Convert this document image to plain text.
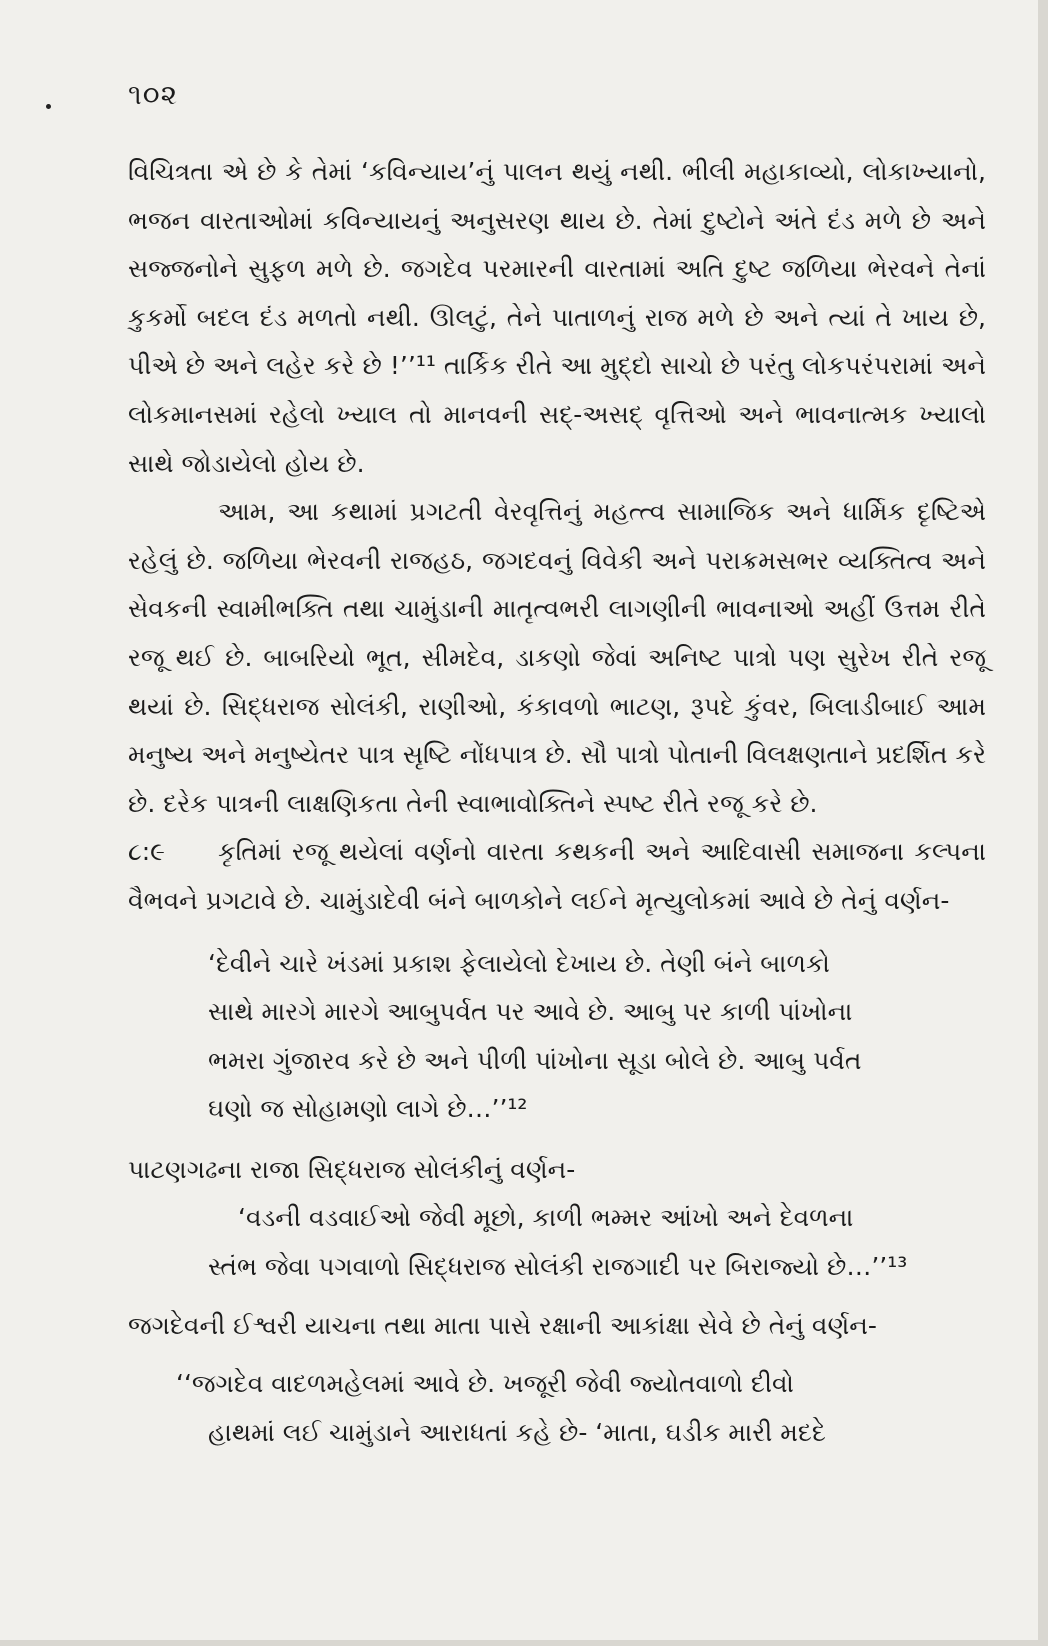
૧૦૨

વિચિત્રતા એ છે કે તેમાં ‘કવિન્યાય’નું પાલન થયું નથી. ભીલી મહાકાવ્યો, લોકાખ્યાનો, ભજન વારતાઓમાં કવિન્યાયનું અનુસરણ થાય છે. તેમાં દુષ્ટોને અંતે દંડ મળે છે અને સજ્જનોને સુફળ મળે છે. જગદેવ પરમારની વારતામાં અતિ દુષ્ટ જળિયા ભેરવને તેનાં કુકર્મો બદલ દંડ મળતો નથી. ઊલટું, તેને પાતાળનું રાજ મળે છે અને ત્યાં તે ખાય છે, પીએ છે અને લહેર કરે છે !’’¹¹ તાર્કિક રીતે આ મુદ્દો સાચો છે પરંતુ લોકપરંપરામાં અને લોકમાનસમાં રહેલો ખ્યાલ તો માનવની સદ્-અસદ્ વૃત્તિઓ અને ભાવનાત્મક ખ્યાલો સાથે જોડાયેલો હોય છે.

આમ, આ કથામાં પ્રગટતી વેરવૃત્તિનું મહત્ત્વ સામાજિક અને ધાર્મિક દૃષ્ટિએ રહેલું છે. જળિયા ભેરવની રાજહઠ, જગદવનું વિવેકી અને પરાક્રમસભર વ્યક્તિત્વ અને સેવકની સ્વામીભક્તિ તથા ચામુંડાની માતૃત્વભરી લાગણીની ભાવનાઓ અહીં ઉત્તમ રીતે રજૂ થઈ છે. બાબરિયો ભૂત, સીમદેવ, ડાકણો જેવાં અનિષ્ટ પાત્રો પણ સુરેખ રીતે રજૂ થયાં છે. સિદ્ધરાજ સોલંકી, રાણીઓ, કંકાવળો ભાટણ, રૂપદે કુંવર, બિલાડીબાઈ આમ મનુષ્ય અને મનુષ્યેતર પાત્ર સૃષ્ટિ નોંધપાત્ર છે. સૌ પાત્રો પોતાની વિલક્ષણતાને પ્રદર્શિત કરે છે. દરેક પાત્રની લાક્ષણિકતા તેની સ્વાભાવોક્તિને સ્પષ્ટ રીતે રજૂ કરે છે.

૮:૯	કૃતિમાં રજૂ થયેલાં વર્ણનો વારતા કથકની અને આદિવાસી સમાજના કલ્પના વૈભવને પ્રગટાવે છે. ચામુંડાદેવી બંને બાળકોને લઈને મૃત્યુલોકમાં આવે છે તેનું વર્ણન-

‘દેવીને ચારે ખંડમાં પ્રકાશ ફેલાયેલો દેખાય છે. તેણી બંને બાળકો
સાથે મારગે મારગે આબુપર્વત પર આવે છે. આબુ પર કાળી પાંખોના
ભમરા ગુંજારવ કરે છે અને પીળી પાંખોના સૂડા બોલે છે. આબુ પર્વત
ઘણો જ સોહામણો લાગે છે…’’¹²

પાટણગઢના રાજા સિદ્ધરાજ સોલંકીનું વર્ણન-

‘વડની વડવાઈઓ જેવી મૂછો, કાળી ભમ્મર આંખો અને દેવળના
સ્તંભ જેવા પગવાળો સિદ્ધરાજ સોલંકી રાજગાદી પર બિરાજ્યો છે…’’¹³

જગદેવની ઈશ્વરી યાચના તથા માતા પાસે રક્ષાની આકાંક્ષા સેવે છે તેનું વર્ણન-

‘‘જગદેવ વાદળમહેલમાં આવે છે. ખજૂરી જેવી જ્યોતવાળો દીવો
હાથમાં લઈ ચામુંડાને આરાધતાં કહે છે- ‘માતા, ઘડીક મારી મદદે
